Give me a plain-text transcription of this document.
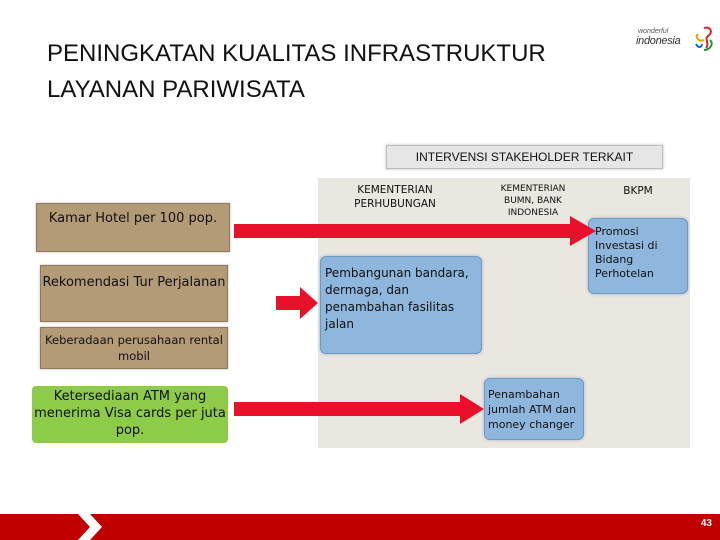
PENINGKATAN KUALITAS INFRASTRUKTUR
LAYANAN PARIWISATA
wonderful
indonesia
INTERVENSI STAKEHOLDER TERKAIT
KEMENTERIAN PERHUBUNGAN
KEMENTERIAN BUMN, BANK INDONESIA
BKPM
Kamar Hotel per 100 pop.
Rekomendasi Tur Perjalanan
Keberadaan perusahaan rental mobil
Ketersediaan ATM yang menerima Visa cards per juta pop.
Pembangunan bandara, dermaga, dan penambahan fasilitas jalan
Penambahan jumlah ATM dan money changer
Promosi Investasi di Bidang Perhotelan
43
